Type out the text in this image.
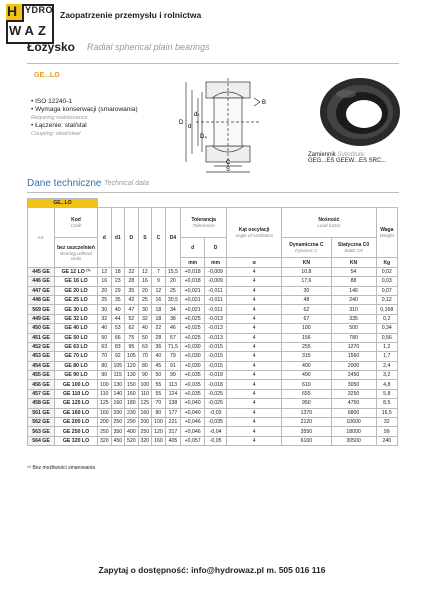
H YDRO
WAZ
Zaopatrzenie przemysłu i rolnictwa
Łożysko Radial spherical plain bearings
GE...LO
• ISO 12240-1
• Wymaga konserwacji (smarowania)
Requiring maintenance
• Łączenie: stal/stal
Coupling: steel/steel
D
d
dₖ
D₄
C
S
B
Zamiennik Substitute:
GEG...ES GEEW...ES SRC...
Dane techniczne Technical data
GE...LO													

Art.	Kod
Code	d	d1	D	S	C	D4	Tolerancja
Tolerances		Kąt oscylacji
Angle of oscillation	Nośność
Load factor		Waga
Weight

	bez uszczelnień
Bearing without seals							d	D		Dynamiczna C
Dynamic C	Statyczna C0
Static C0	

								mm	mm	α	KN	KN	Kg
445 GE	GE 12 LO ⁽¹⁾	12	18	22	12	7	15,5	+0,018	-0,009	4	10,8	54	0,02
446 GE	GE 16 LO	16	23	28	16	9	20	+0,018	-0,009	4	17,6	88	0,03
447 GE	GE 20 LO	20	29	35	20	12	25	+0,021	-0,011	4	30	146	0,07
448 GE	GE 25 LO	25	35	42	25	16	30,5	+0,021	-0,011	4	48	240	0,12
569 GE	GE 30 LO	30	40	47	30	18	34	+0,021	-0,011	4	62	310	0,168
449 GE	GE 32 LO	32	44	52	32	18	38	+0,025	-0,013	4	67	335	0,2
450 GE	GE 40 LO	40	53	62	40	22	46	+0,025	-0,013	4	100	500	0,34
451 GE	GE 50 LO	50	66	75	50	28	57	+0,025	-0,013	4	156	780	0,56
452 GE	GE 63 LO	63	83	95	63	36	71,5	+0,030	-0,015	4	255	1270	1,2
453 GE	GE 70 LO	70	92	105	70	40	79	+0,030	-0,015	4	315	1560	1,7
454 GE	GE 80 LO	80	105	120	80	45	91	+0,030	-0,015	4	400	2000	2,4
455 GE	GE 90 LO	90	115	130	90	50	99	+0,035	-0,018	4	490	2450	3,2
456 GE	GE 100 LO	100	130	150	100	55	113	+0,035	-0,018	4	610	3050	4,8
457 GE	GE 110 LO	110	140	160	110	55	124	+0,035	-0,025	4	655	3250	5,8
458 GE	GE 125 LO	125	160	180	125	70	138	+0,040	-0,025	4	950	4750	8,5
561 GE	GE 160 LO	160	200	230	160	80	177	+0,040	-0,03	4	1370	6800	16,5
562 GE	GE 200 LO	200	250	290	200	100	221	+0,046	-0,035	4	2120	10600	32
563 GE	GE 250 LO	250	350	400	250	120	317	+0,046	-0,04	4	3550	18000	99
564 GE	GE 320 LO	320	450	520	320	160	405	+0,057	-0,05	4	6100	30500	240
⁽¹⁾ Bez możliwości smarowania
Zapytaj o dostępność: info@hydrowaz.pl m. 505 016 116
